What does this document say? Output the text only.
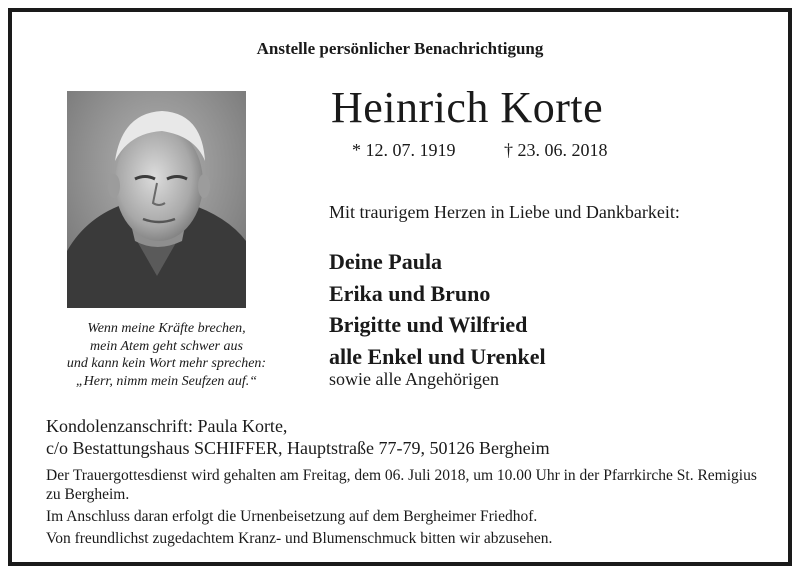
Anstelle persönlicher Benachrichtigung
Heinrich Korte
* 12. 07. 1919	† 23. 06. 2018
Mit traurigem Herzen in Liebe und Dankbarkeit:
Deine Paula
Erika und Bruno
Brigitte und Wilfried
alle Enkel und Urenkel
sowie alle Angehörigen
Wenn meine Kräfte brechen,
mein Atem geht schwer aus
und kann kein Wort mehr sprechen:
„Herr, nimm mein Seufzen auf.“
Kondolenzanschrift: Paula Korte,
c/o Bestattungshaus SCHIFFER, Hauptstraße 77-79, 50126 Bergheim

Der Trauergottesdienst wird gehalten am Freitag, dem 06. Juli 2018, um 10.00 Uhr in der Pfarrkirche St. Remigius zu Bergheim.

Im Anschluss daran erfolgt die Urnenbeisetzung auf dem Bergheimer Friedhof.

Von freundlichst zugedachtem Kranz- und Blumenschmuck bitten wir abzusehen.
